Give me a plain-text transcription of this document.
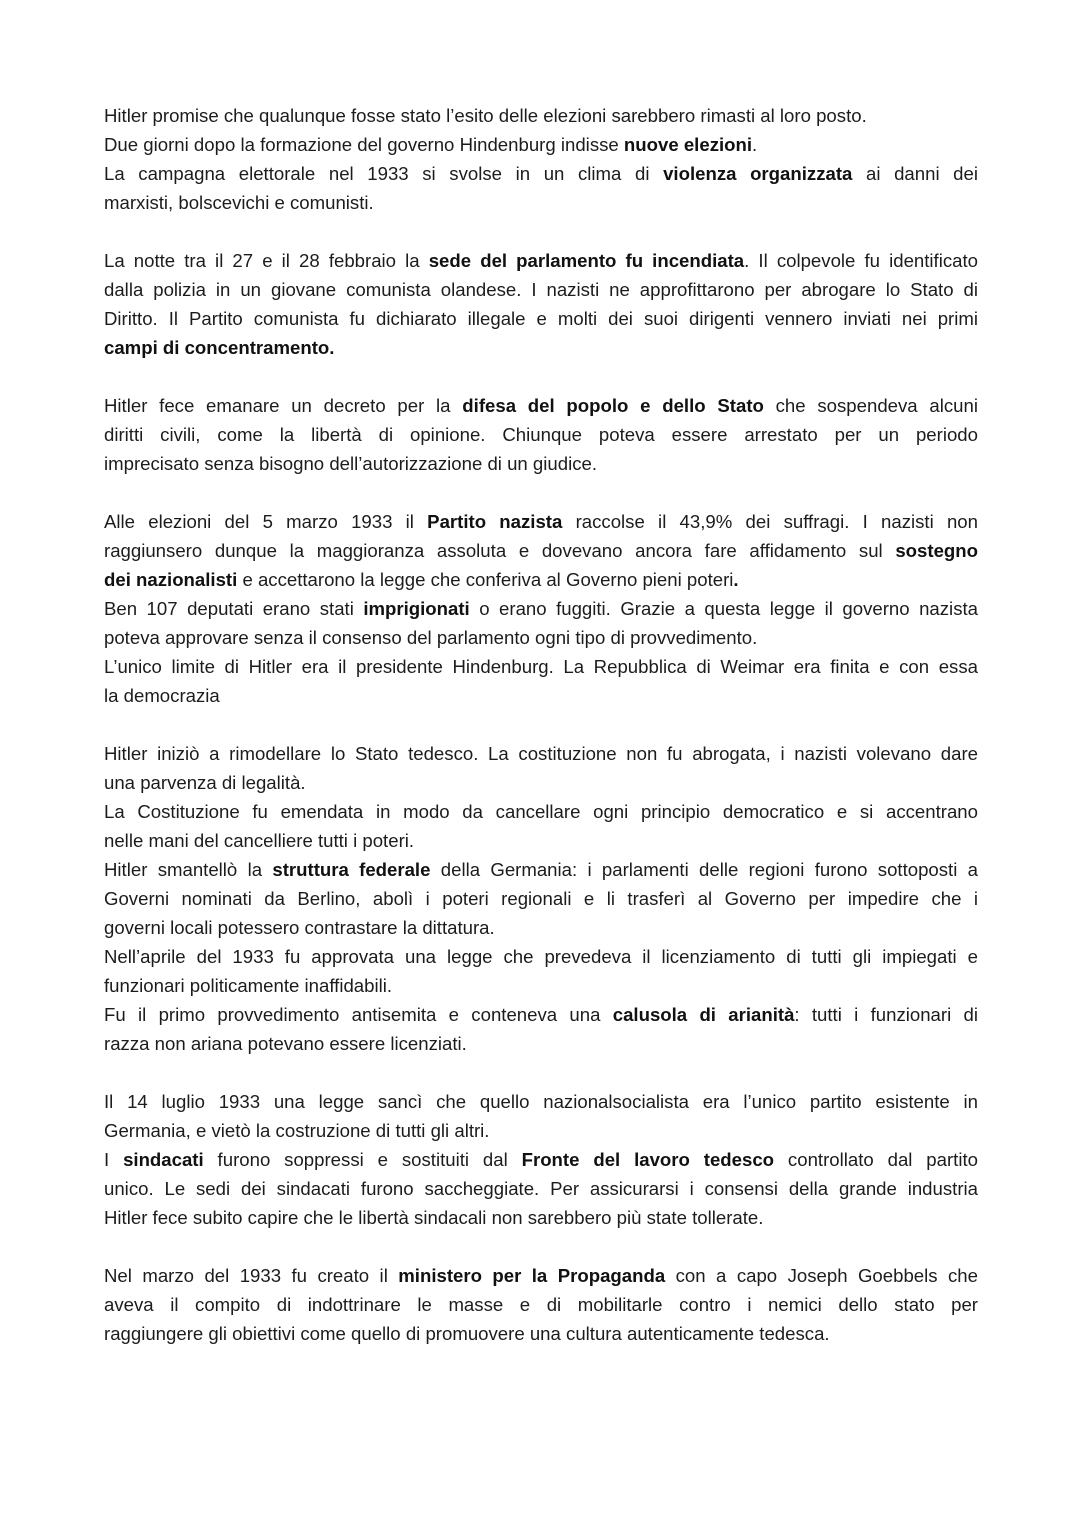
Hitler promise che qualunque fosse stato l’esito delle elezioni sarebbero rimasti al loro posto.
Due giorni dopo la formazione del governo Hindenburg indisse nuove elezioni.
La campagna elettorale nel 1933 si svolse in un clima di violenza organizzata ai danni dei
marxisti, bolscevichi e comunisti.
La notte tra il 27 e il 28 febbraio la sede del parlamento fu incendiata. Il colpevole fu identificato
dalla polizia in un giovane comunista olandese. I nazisti ne approfittarono per abrogare lo Stato di
Diritto. Il Partito comunista fu dichiarato illegale e molti dei suoi dirigenti vennero inviati nei primi
campi di concentramento.
Hitler fece emanare un decreto per la difesa del popolo e dello Stato che sospendeva alcuni
diritti civili, come la libertà di opinione. Chiunque poteva essere arrestato per un periodo
imprecisato senza bisogno dell’autorizzazione di un giudice.
Alle elezioni del 5 marzo 1933 il Partito nazista raccolse il 43,9% dei suffragi. I nazisti non
raggiunsero dunque la maggioranza assoluta e dovevano ancora fare affidamento sul sostegno
dei nazionalisti e accettarono la legge che conferiva al Governo pieni poteri.
Ben 107 deputati erano stati imprigionati o erano fuggiti. Grazie a questa legge il governo nazista
poteva approvare senza il consenso del parlamento ogni tipo di provvedimento.
L’unico limite di Hitler era il presidente Hindenburg. La Repubblica di Weimar era finita e con essa
la democrazia
Hitler iniziò a rimodellare lo Stato tedesco. La costituzione non fu abrogata, i nazisti volevano dare
una parvenza di legalità.
La Costituzione fu emendata in modo da cancellare ogni principio democratico e si accentrano
nelle mani del cancelliere tutti i poteri.
Hitler smantellò la struttura federale della Germania: i parlamenti delle regioni furono sottoposti a
Governi nominati da Berlino, abolì i poteri regionali e li trasferì al Governo per impedire che i
governi locali potessero contrastare la dittatura.
Nell’aprile del 1933 fu approvata una legge che prevedeva il licenziamento di tutti gli impiegati e
funzionari politicamente inaffidabili.
Fu il primo provvedimento antisemita e conteneva una calusola di arianità: tutti i funzionari di
razza non ariana potevano essere licenziati.
Il 14 luglio 1933 una legge sancì che quello nazionalsocialista era l’unico partito esistente in
Germania, e vietò la costruzione di tutti gli altri.
I sindacati furono soppressi e sostituiti dal Fronte del lavoro tedesco controllato dal partito
unico. Le sedi dei sindacati furono saccheggiate. Per assicurarsi i consensi della grande industria
Hitler fece subito capire che le libertà sindacali non sarebbero più state tollerate.
Nel marzo del 1933 fu creato il ministero per la Propaganda con a capo Joseph Goebbels che
aveva il compito di indottrinare le masse e di mobilitarle contro i nemici dello stato per
raggiungere gli obiettivi come quello di promuovere una cultura autenticamente tedesca.
